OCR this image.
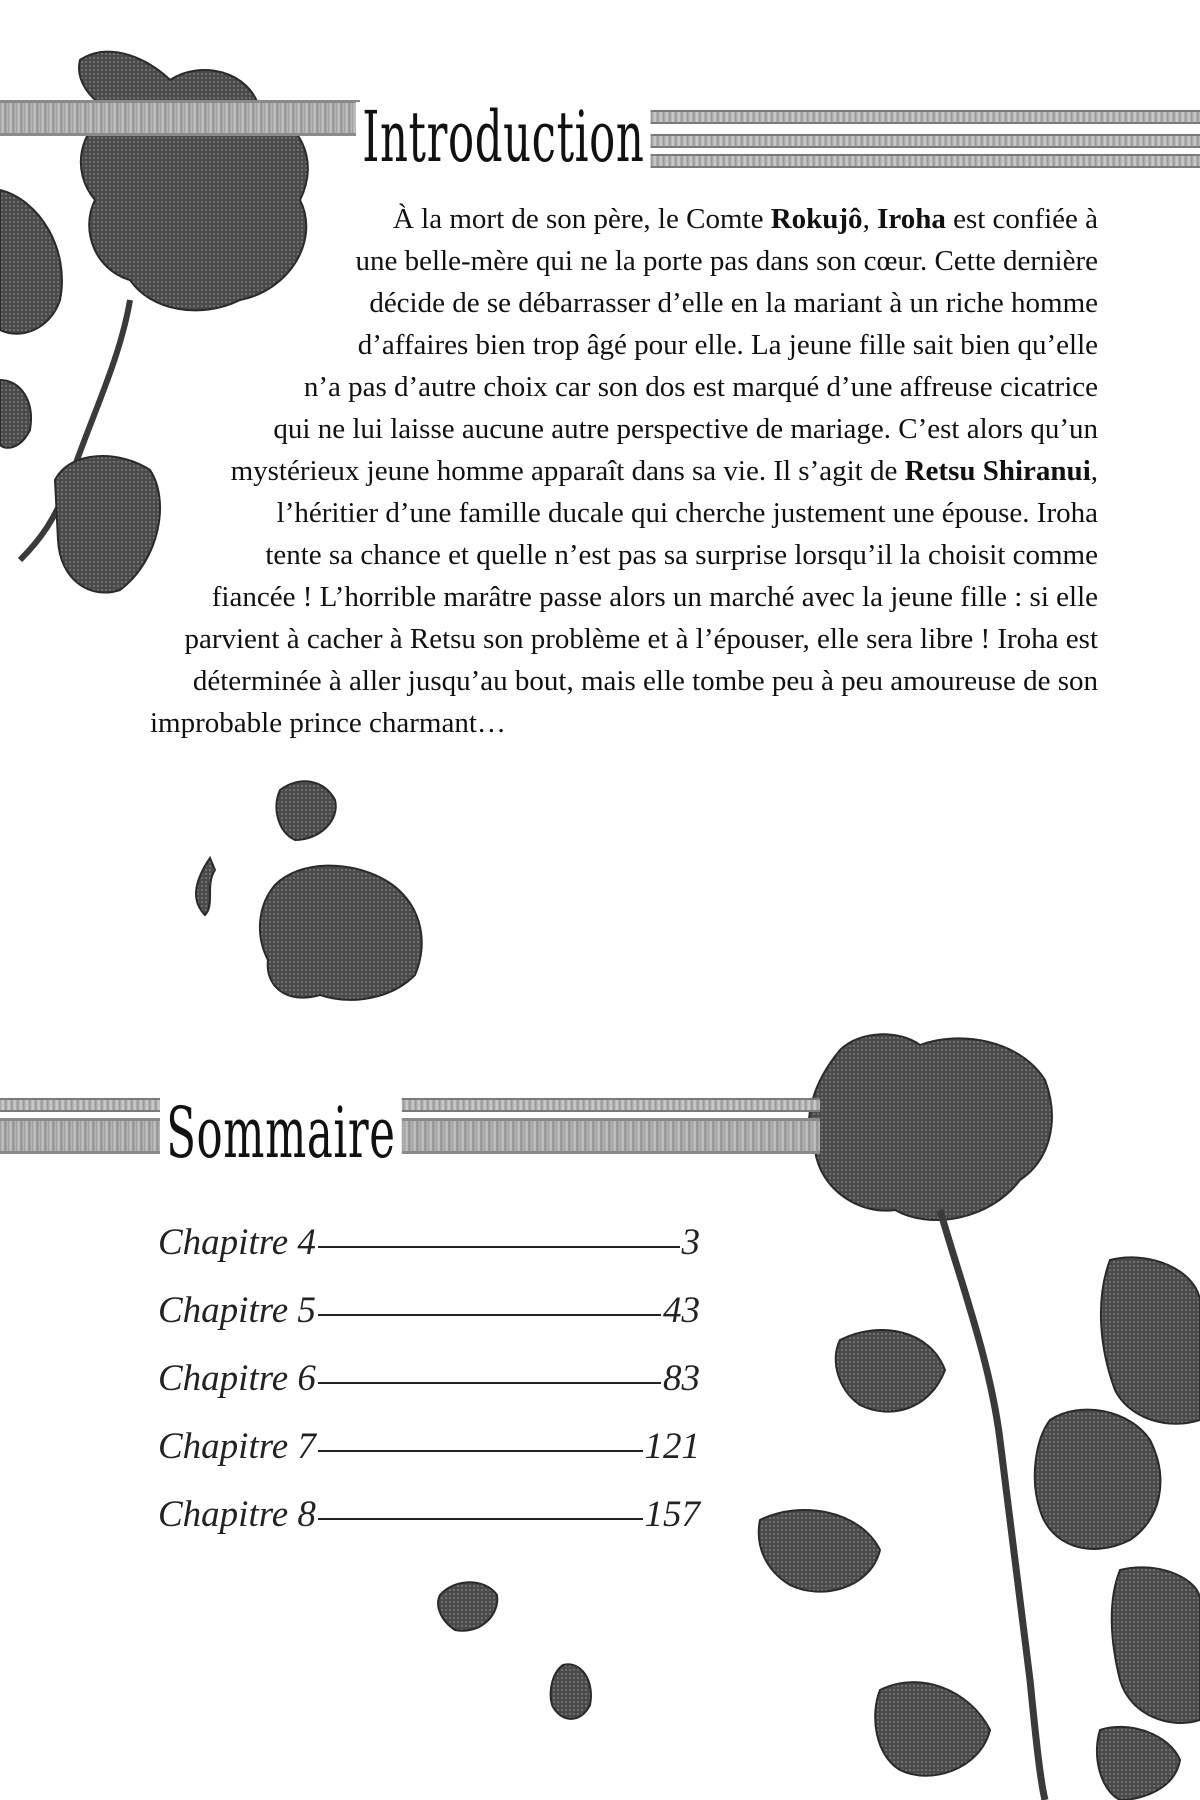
Introduction
À la mort de son père, le Comte Rokujô, Iroha est confiée à
une belle-mère qui ne la porte pas dans son cœur. Cette dernière
décide de se débarrasser d’elle en la mariant à un riche homme
d’affaires bien trop âgé pour elle. La jeune fille sait bien qu’elle
n’a pas d’autre choix car son dos est marqué d’une affreuse cicatrice
qui ne lui laisse aucune autre perspective de mariage. C’est alors qu’un
mystérieux jeune homme apparaît dans sa vie. Il s’agit de Retsu Shiranui,
l’héritier d’une famille ducale qui cherche justement une épouse. Iroha
tente sa chance et quelle n’est pas sa surprise lorsqu’il la choisit comme
fiancée ! L’horrible marâtre passe alors un marché avec la jeune fille : si elle
parvient à cacher à Retsu son problème et à l’épouser, elle sera libre ! Iroha est
déterminée à aller jusqu’au bout, mais elle tombe peu à peu amoureuse de son
improbable prince charmant…
Sommaire
Chapitre 4	3
Chapitre 5	43
Chapitre 6	83
Chapitre 7	121
Chapitre 8	157
